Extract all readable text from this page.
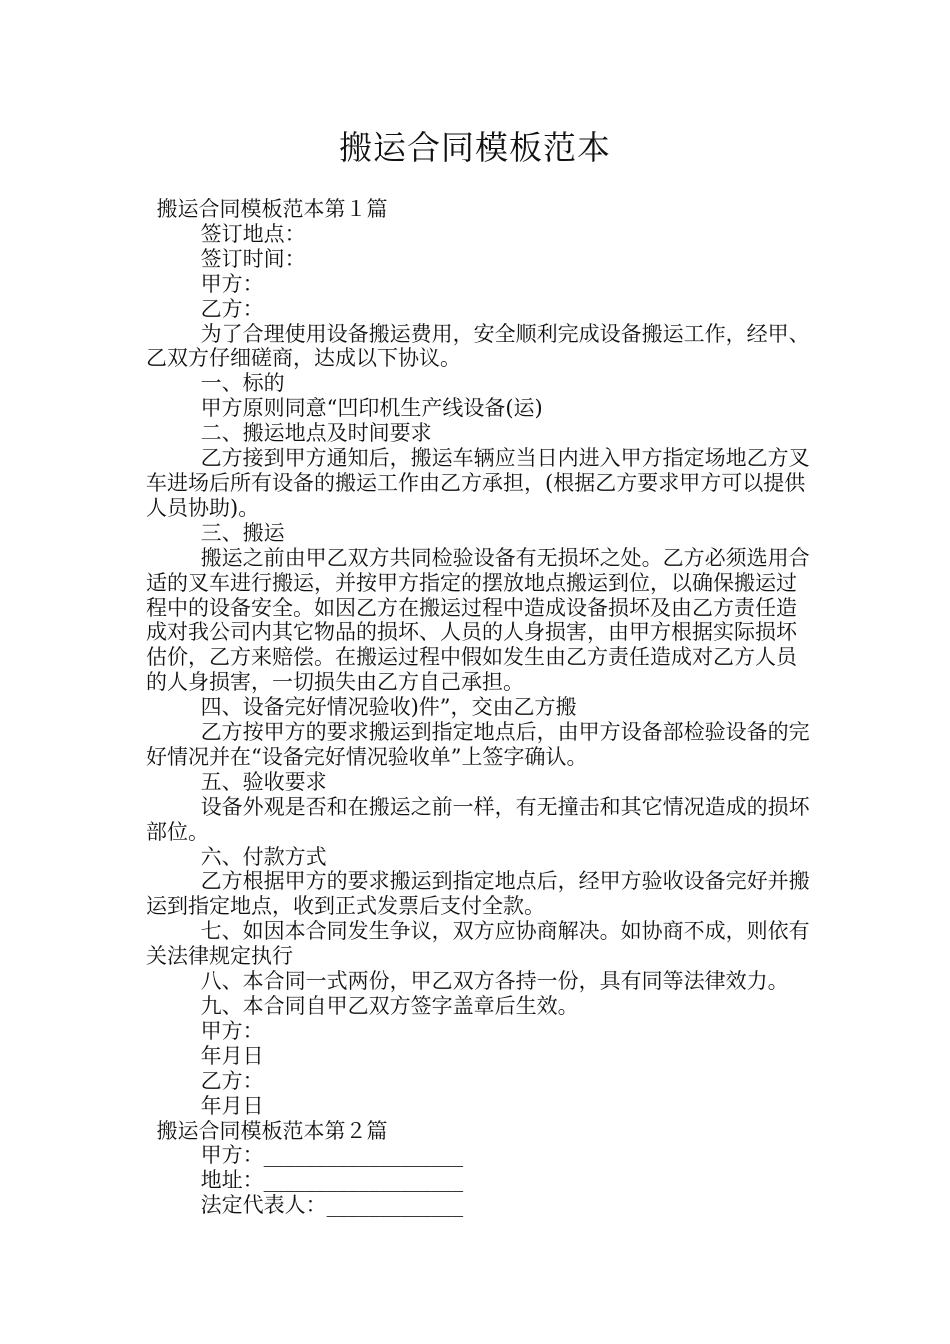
搬运合同模板范本
搬运合同模板范本第１篇
签订地点：
签订时间：
甲方：
乙方：
为了合理使用设备搬运费用，安全顺利完成设备搬运工作，经甲、乙双方仔细磋商，达成以下协议。
一、标的
甲方原则同意“凹印机生产线设备(运)
二、搬运地点及时间要求
乙方接到甲方通知后，搬运车辆应当日内进入甲方指定场地乙方叉车进场后所有设备的搬运工作由乙方承担，(根据乙方要求甲方可以提供人员协助)。
三、搬运
搬运之前由甲乙双方共同检验设备有无损坏之处。乙方必须选用合适的叉车进行搬运，并按甲方指定的摆放地点搬运到位，以确保搬运过程中的设备安全。如因乙方在搬运过程中造成设备损坏及由乙方责任造成对我公司内其它物品的损坏、人员的人身损害，由甲方根据实际损坏估价，乙方来赔偿。在搬运过程中假如发生由乙方责任造成对乙方人员的人身损害，一切损失由乙方自己承担。
四、设备完好情况验收)件”，交由乙方搬
乙方按甲方的要求搬运到指定地点后，由甲方设备部检验设备的完好情况并在“设备完好情况验收单”上签字确认。
五、验收要求
设备外观是否和在搬运之前一样，有无撞击和其它情况造成的损坏部位。
六、付款方式
乙方根据甲方的要求搬运到指定地点后，经甲方验收设备完好并搬运到指定地点，收到正式发票后支付全款。
七、如因本合同发生争议，双方应协商解决。如协商不成，则依有关法律规定执行
八、本合同一式两份，甲乙双方各持一份，具有同等法律效力。
九、本合同自甲乙双方签字盖章后生效。
甲方：
年月日
乙方：
年月日
搬运合同模板范本第２篇
甲方：___________________
地址：___________________
法定代表人：_____________
